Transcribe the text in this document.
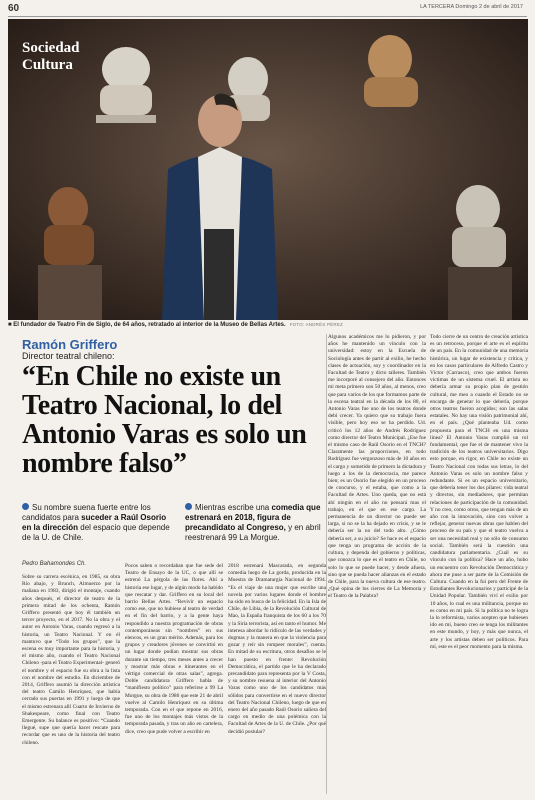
60	LA TERCERA Domingo 2 de abril de 2017
Sociedad
Cultura
■ El fundador de Teatro Fin de Siglo, de 64 años, retratado al interior de la Museo de Bellas Artes. FOTO: ANDRÉS PÉREZ
Ramón Griffero
Director teatral chileno:
“En Chile no existe un Teatro Nacional, lo del Antonio Varas es solo un nombre falso”
Su nombre suena fuerte entre los candidatos para suceder a Raúl Osorio en la dirección del espacio que depende de la U. de Chile.
Mientras escribe una comedia que estrenará en 2018, figura de precandidato al Congreso, y en abril reestrenará 99 La Morgue.
Pedro Bahamondes Ch.
Sobre su carrera escénica, en 1985, su obra Río abajo, y Brunch, Almuerzo por la mañana en 1983, dirigió el montaje, cuando años después, el director de teatro de la primera mitad de los ochenta, Ramón Griffero presentó que hoy él también un tercer proyecto, en el 2017. No la obra y el autor en Antonio Varas, cuando regresó a la historia, un Teatro Nacional. Y en él mantuvo que “Todo los grupos”, que la escena es muy importante para la historia, y el mismo año, cuando el Teatro Nacional Chileno -para el Teatro Experimental- generó el nombre y el espacio fue su obra a la lista con el nombre del estudio. En diciembre de 2014, Griffero asumió la dirección artística del teatro Camilo Henríquez, que había cerrado sus puertas en 1991 y luego de que el mismo estrenara allí Cuarto de Invierno de Shakespeare, como final con Teatro Emergente. Su balance es positivo: “Cuando llegué, supe que quería hacer rescate para recordar que es uno de la historia del teatro chileno.
Pocos saben o recordaban que fue sede del Teatro de Ensayo de la UC, o que allí se estrenó La pérgola de las flores. Ahí a historia ese lugar, y de algún modo ha habido que rescatar y dar. Griffero en su local del barrio Bellas Artes. “Revivir un espacio como ese, que no hubiese al teatro de verdad en el fin del barrio, y a la gente haya respondido a nuestra programación de obras contemporáneas sin “nombres” en sus elencos, es un gran mérito. Además, para los grupos y creadores jóvenes se convirtió en un lugar donde podían mostrar sus obras durante un tiempo, tres meses antes a crecer y mostrar más obras e itinerantes en el vértigo comercial de otras salas”, agrega. Doble candidatura Griffero habla de “manifiesto político” para referirse a 99 La Morgue, su obra de 1986 que este 21 de abril vuelve al Camilo Henríquez en su última temporada. Con en el que repone en 2016, fue uno de los montajes más vistos de la temporada pasada, y tras un año en cartelera, dice, creo que pude volver a escribir en
2018 estrenará Mascarada, en segunda comedia luego de La gorda, producida en la Muestra de Dramaturgia Nacional de 1994. “Es el viaje de una mujer que escribe una novela por varios lugares donde el hombre ha sido en busca de la felicidad. En la Isla de Chile, de Libia, de la Revolución Cultural de Mao, la España franquista de los 60 a los 70 y la Siria terrorista, así en tanto el humor. Me interesa abordar lo ridículo de las verdades y dogmas y la manera en que la violencia para gozar y reír sin rompeer morales”, cuenta. En mitad de su escritura, otros desafíos se le han puesto en frente: Revolución Democrática, el partido que le ha declarado precandidato para representa por la V Costa, y su nombre resuena al interior del Antonio Varas como uno de los candidatos más sólidos para convertirse en el nuevo director del Teatro Nacional Chileno, luego de que en enero del año pasado Raúl Osorio saliera del cargo en medio de una polémica con la Facultad de Artes de la U. de Chile. ¿Por qué decidió postular?
Algunos académicos me lo pidieron, y por años he mantenido un vínculo con la universidad: estoy en la Escuela de Sociología antes de partir al exilio, he hecho clases de actuación, soy y coordinador en la Facultad de Teatro y dicto talleres. También me incorporé al consejero del año. Entonces mi meta primero son 50 años, al menos, creo que para varios de los que formamos parte de la escena teatral en la década de los 80, el Antonio Varas fue uno de los teatros donde debí crecer. Ya quiero que su trabajo fuera visible, pero hoy eso se ha perdido. Ud. criticó los 12 años de Andrés Rodríguez como director del Teatro Municipal. ¿Ese fue el mismo caso de Raúl Osorio en el TNCH? Claramente las proporciones, en todo Rodríguez fue vergonzoso más de 10 años en el cargo y sometido de primero la dictadura y luego a los de la democracia, me parece bien; es un Osorio fue elegido en un proceso de concurso, y el estaba, que como a la Facultad de Artes. Uno queda, que no está ahí ningún en el año no pensará mas el trabajo, en el que en ese cargo. La permanencia de un director no puede ser larga, si no se la ha dejado en crisis, y se le debería ser la no del todo alto. ¿Cómo debería ser, a su juicio? Se hace es el espacio que tenga un programa de acción de la cultura, y dependa del gobierno y políticas, que conozca lo que es el teatro en Chile, no solo lo que se puede hacer, y desde afuera, sino que se pueda hacer alianzas en el estado de Chile, para la nueva cultura de ese teatro. ¿Qué opina de los cierres de La Memoria y el Teatro de la Palabra?
Todo cierre de un centro de creación artística es un retroceso, porque el arte es el espíritu de un país. En la comunidad de una memoria histórica, un lugar de existencia y crítica, y en los casos particulares de Alfredo Castro y Victor (Carrasco), creo que ambos fueron víctimas de un sistema cruel. El artista no debería armar su propio plan de gestión cultural, me meo a cuando el Estado no se encarga de generar lo que debería, porque otros teatros fueron acogidos; son las salas estatales. No hay una visión patrimonial ahí, en el país. ¿Qué planteaba Ud. como propuesta para el TNCH en una misma línea? El Antonio Varas cumplió un rol fundamental, que fue el de mantener vivo la tradición de los teatros universitarios. Digo esto porque, en rigor, en Chile no existe un Teatro Nacional con todas sus letras, lo del Antonio Varas es solo un nombre falso y redundante. Si es un espacio universitario, que debería tener los dos pilares: vida teatral y directos, sin mediadores, que permitan relaciones de participación de la comunidad. Y no creo, como otros, que tengan más de un año con la innovación, sino con volver a reflejar, generar nuevas obras que hablen del proceso de su país y que el teatro vuelva a ser una necesidad real y no sólo de consumo social. También será la cuestión una candidatura parlamentaria. ¿Cuál es su vínculo con la política? Hace un año, hubo un encuentro con Revolución Democrática y ahora me puse a ser parte de la Comisión de Cultura. Cuando en la fui pero del Frente de Estudiantes Revolucionarios y participé de la Unidad Popular. También viví el exilio por 10 años, lo cual es una militancia, porque no es como en mi país. Si la política no te logra la lo reformista, varios acepten que hubiesen ido en mi, bueno creo se tenga los militantes en este mundo, y hoy, y más que nunca, el arte y los artistas deben ser políticos. Para mí, este es el peor momento para la misma.
